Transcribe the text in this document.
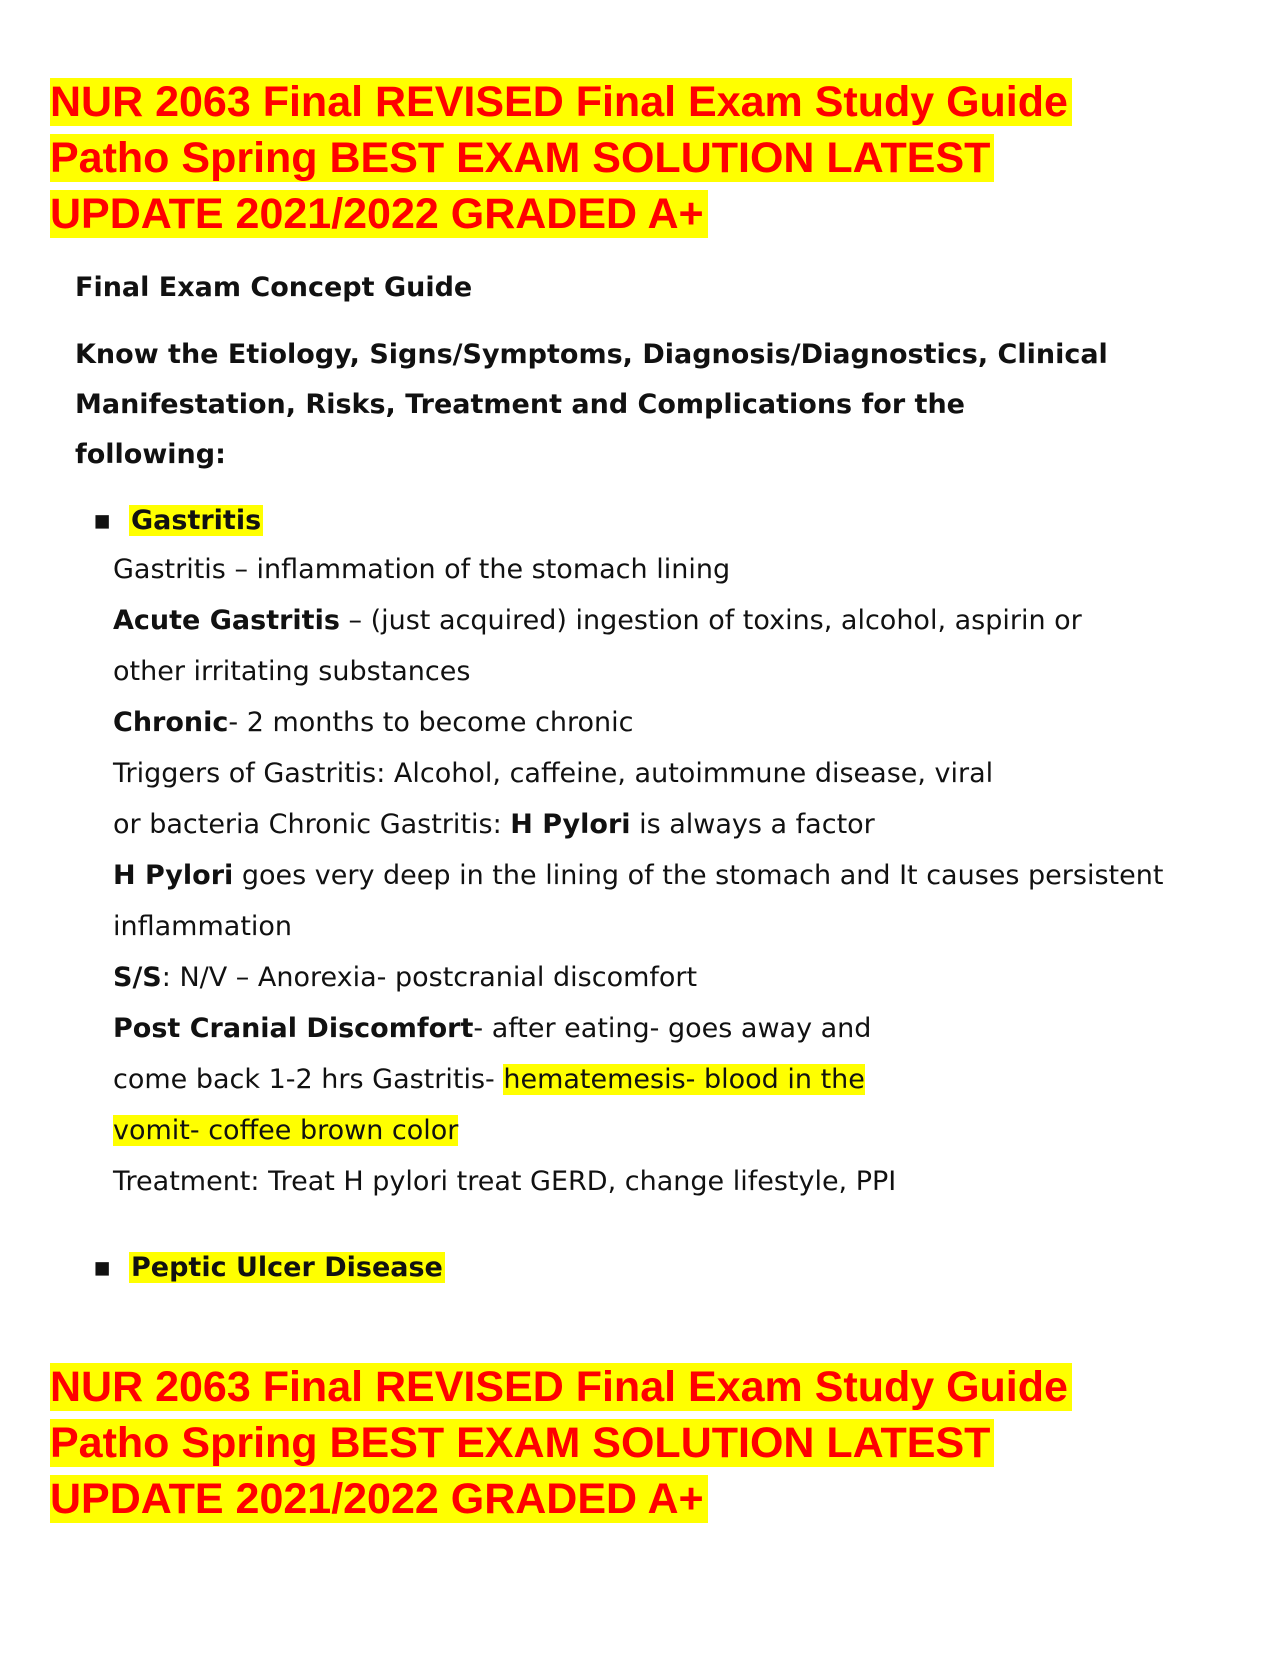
NUR 2063 Final REVISED Final Exam Study Guide
Patho Spring BEST EXAM SOLUTION LATEST
UPDATE 2021/2022 GRADED A+
Final Exam Concept Guide
Know the Etiology, Signs/Symptoms, Diagnosis/Diagnostics, Clinical
Manifestation, Risks, Treatment and Complications for the
following:
▪ Gastritis

Gastritis – inflammation of the stomach lining

Acute Gastritis – (just acquired) ingestion of toxins, alcohol, aspirin or

other irritating substances

Chronic- 2 months to become chronic

Triggers of Gastritis: Alcohol, caffeine, autoimmune disease, viral

or bacteria Chronic Gastritis: H Pylori is always a factor

H Pylori goes very deep in the lining of the stomach and It causes persistent

inflammation

S/S: N/V – Anorexia- postcranial discomfort

Post Cranial Discomfort- after eating- goes away and

come back 1-2 hrs Gastritis- hematemesis- blood in the

vomit- coffee brown color

Treatment: Treat H pylori treat GERD, change lifestyle, PPI

▪ Peptic Ulcer Disease
NUR 2063 Final REVISED Final Exam Study Guide
Patho Spring BEST EXAM SOLUTION LATEST
UPDATE 2021/2022 GRADED A+
